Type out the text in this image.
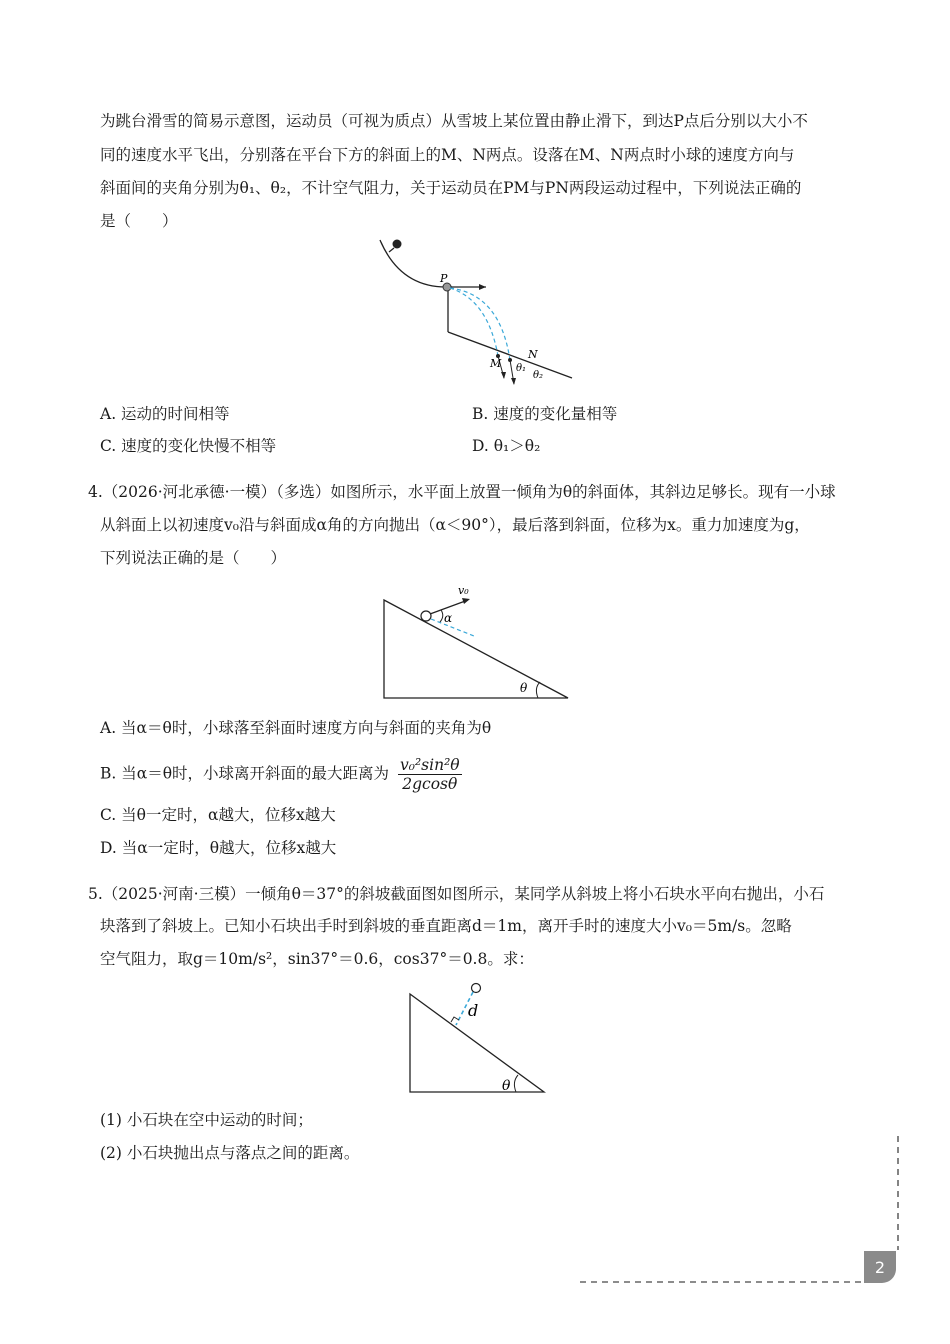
为跳台滑雪的简易示意图，运动员（可视为质点）从雪坡上某位置由静止滑下，到达P点后分别以大小不
同的速度水平飞出，分别落在平台下方的斜面上的M、N两点。设落在M、N两点时小球的速度方向与
斜面间的夹角分别为θ₁、θ₂，不计空气阻力，关于运动员在PM与PN两段运动过程中，下列说法正确的
是（　　）
P
M
N
θ₁
θ₂
A. 运动的时间相等	B. 速度的变化量相等
C. 速度的变化快慢不相等	D. θ₁＞θ₂
4.（2026·河北承德·一模）（多选）如图所示，水平面上放置一倾角为θ的斜面体，其斜边足够长。现有一小球
从斜面上以初速度v₀沿与斜面成α角的方向抛出（α＜90°），最后落到斜面，位移为x。重力加速度为g，
下列说法正确的是（　　）
v₀
α
θ
A. 当α＝θ时，小球落至斜面时速度方向与斜面的夹角为θ
B. 当α＝θ时，小球离开斜面的最大距离为 $\frac{\text{v₀²sin²θ}}{2gcos\theta}$
C. 当θ一定时，α越大，位移x越大
D. 当α一定时，θ越大，位移x越大
5.（2025·河南·三模）一倾角θ＝37°的斜坡截面图如图所示，某同学从斜坡上将小石块水平向右抛出，小石
块落到了斜坡上。已知小石块出手时到斜坡的垂直距离d＝1m，离开手时的速度大小v₀＝5m/s。忽略
空气阻力，取g＝10m/s²，sin37°＝0.6，cos37°＝0.8。求：
d
θ
(1) 小石块在空中运动的时间；
(2) 小石块抛出点与落点之间的距离。
2
